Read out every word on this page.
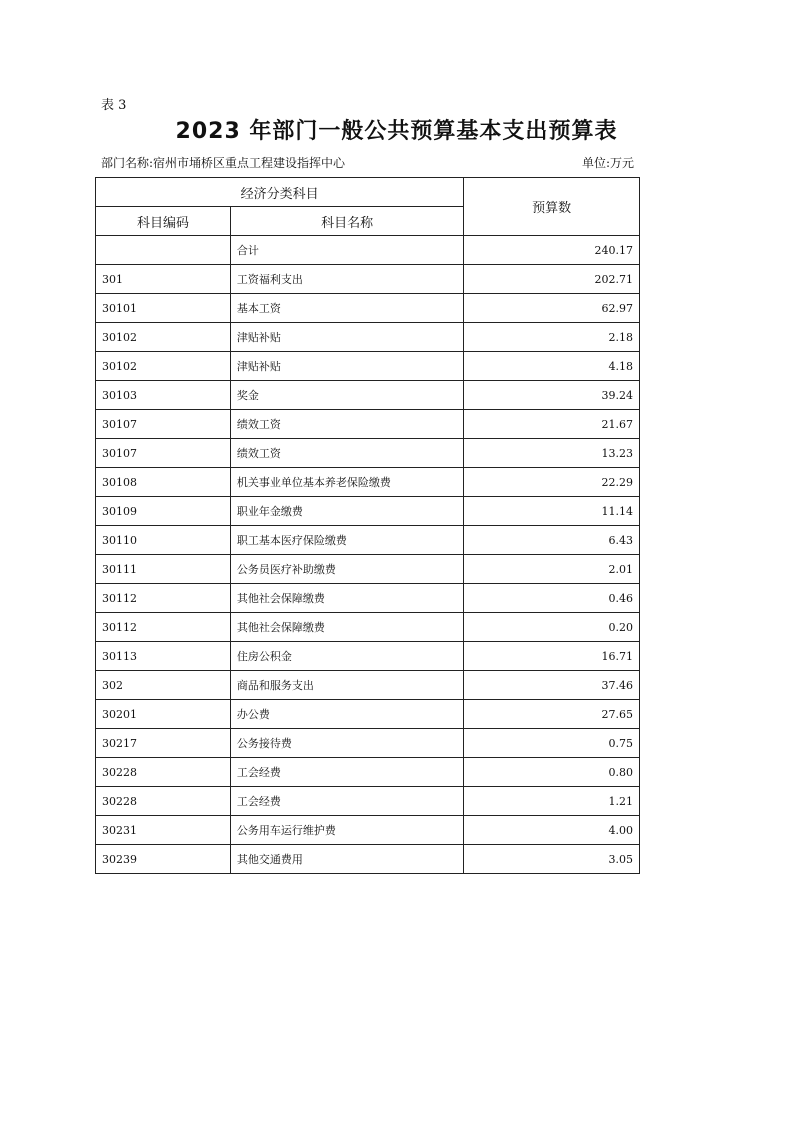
表 3
2023 年部门一般公共预算基本支出预算表
部门名称:宿州市埇桥区重点工程建设指挥中心	单位:万元
经济分类科目		预算数
科目编码	科目名称	
	合计	240.17
301	工资福利支出	202.71
30101	基本工资	62.97
30102	津贴补贴	2.18
30102	津贴补贴	4.18
30103	奖金	39.24
30107	绩效工资	21.67
30107	绩效工资	13.23
30108	机关事业单位基本养老保险缴费	22.29
30109	职业年金缴费	11.14
30110	职工基本医疗保险缴费	6.43
30111	公务员医疗补助缴费	2.01
30112	其他社会保障缴费	0.46
30112	其他社会保障缴费	0.20
30113	住房公积金	16.71
302	商品和服务支出	37.46
30201	办公费	27.65
30217	公务接待费	0.75
30228	工会经费	0.80
30228	工会经费	1.21
30231	公务用车运行维护费	4.00
30239	其他交通费用	3.05
